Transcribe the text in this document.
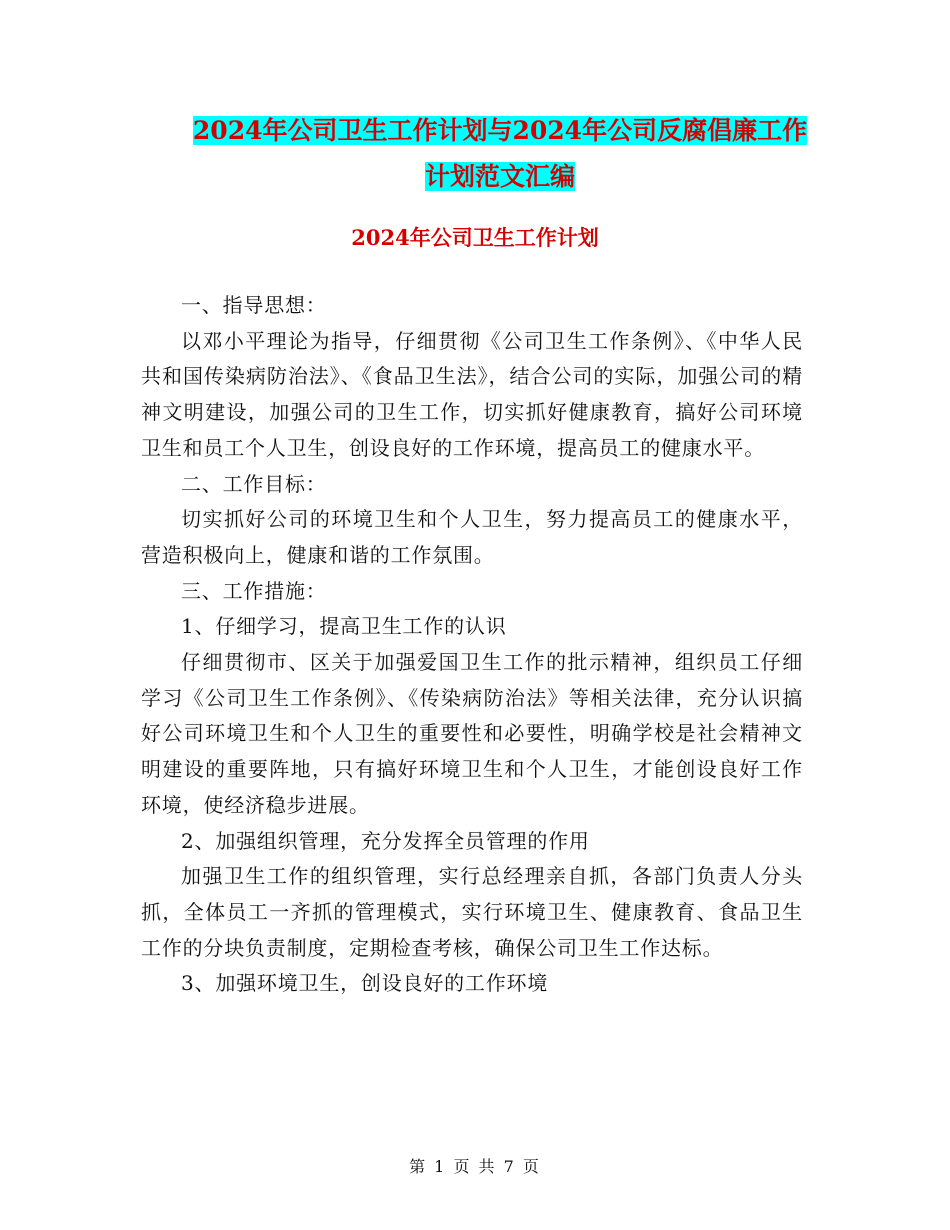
2024年公司卫生工作计划与2024年公司反腐倡廉工作
计划范文汇编
2024年公司卫生工作计划

一、指导思想：

以邓小平理论为指导，仔细贯彻《公司卫生工作条例》、《中华人民共和国传染病防治法》、《食品卫生法》，结合公司的实际，加强公司的精神文明建设，加强公司的卫生工作，切实抓好健康教育，搞好公司环境卫生和员工个人卫生，创设良好的工作环境，提高员工的健康水平。

二、工作目标：

切实抓好公司的环境卫生和个人卫生，努力提高员工的健康水平，营造积极向上，健康和谐的工作氛围。

三、工作措施：

1、仔细学习，提高卫生工作的认识

仔细贯彻市、区关于加强爱国卫生工作的批示精神，组织员工仔细学习《公司卫生工作条例》、《传染病防治法》等相关法律，充分认识搞好公司环境卫生和个人卫生的重要性和必要性，明确学校是社会精神文明建设的重要阵地，只有搞好环境卫生和个人卫生，才能创设良好工作环境，使经济稳步进展。

2、加强组织管理，充分发挥全员管理的作用

加强卫生工作的组织管理，实行总经理亲自抓，各部门负责人分头抓，全体员工一齐抓的管理模式，实行环境卫生、健康教育、食品卫生工作的分块负责制度，定期检查考核，确保公司卫生工作达标。

3、加强环境卫生，创设良好的工作环境

第 1 页 共 7 页
